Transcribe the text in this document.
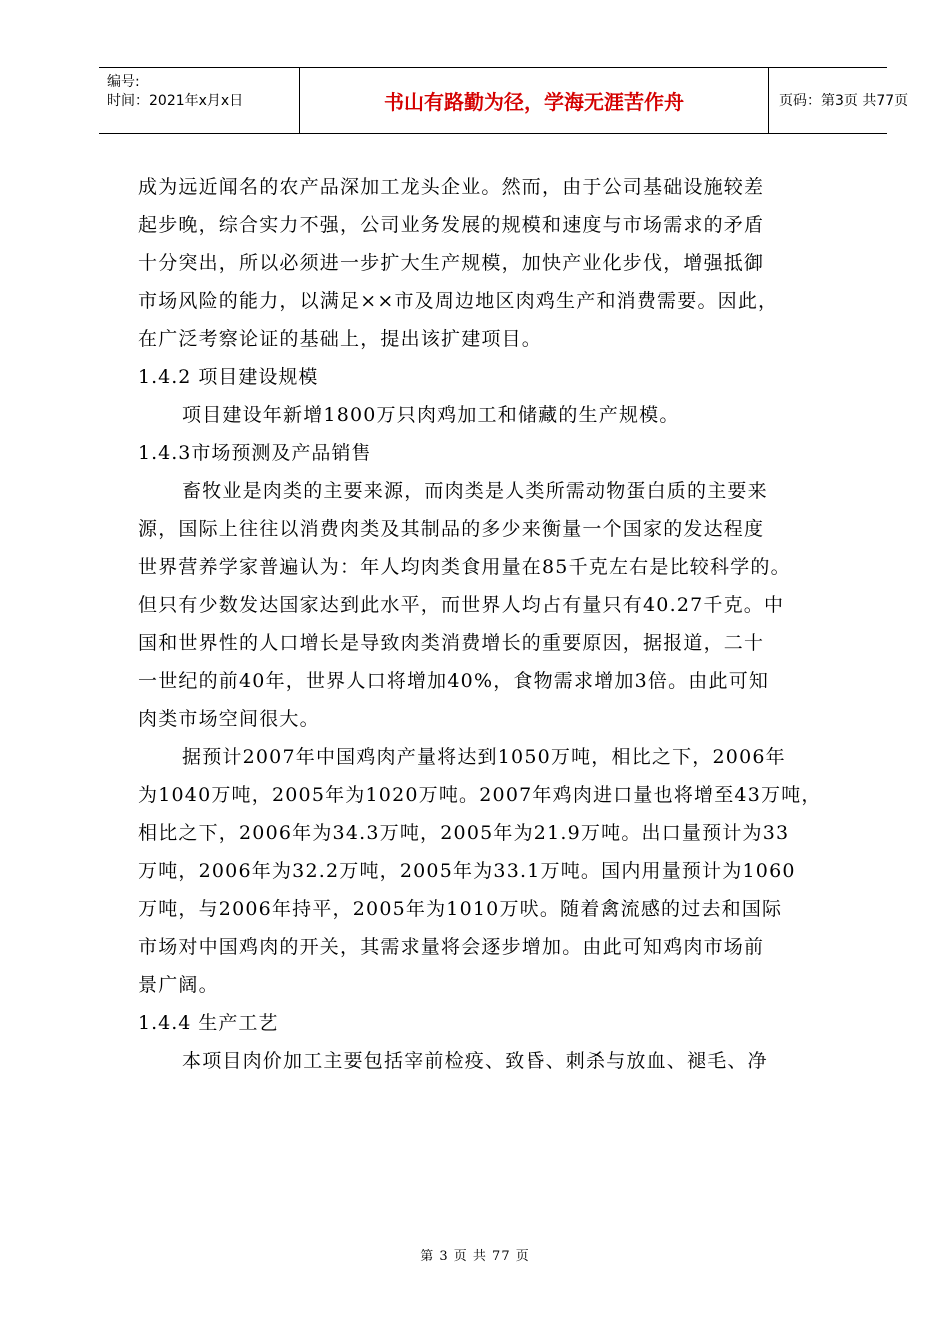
编号:
时间：2021年x月x日	书山有路勤为径，学海无涯苦作舟	页码：第3页 共77页
成为远近闻名的农产品深加工龙头企业。然而，由于公司基础设施较差
起步晚，综合实力不强，公司业务发展的规模和速度与市场需求的矛盾
十分突出，所以必须进一步扩大生产规模，加快产业化步伐，增强抵御
市场风险的能力，以满足××市及周边地区肉鸡生产和消费需要。因此，
在广泛考察论证的基础上，提出该扩建项目。
1.4.2 项目建设规模
项目建设年新增1800万只肉鸡加工和储藏的生产规模。
1.4.3市场预测及产品销售
畜牧业是肉类的主要来源，而肉类是人类所需动物蛋白质的主要来
源，国际上往往以消费肉类及其制品的多少来衡量一个国家的发达程度
世界营养学家普遍认为：年人均肉类食用量在85千克左右是比较科学的。
但只有少数发达国家达到此水平，而世界人均占有量只有40.27千克。中
国和世界性的人口增长是导致肉类消费增长的重要原因，据报道，二十
一世纪的前40年，世界人口将增加40%，食物需求增加3倍。由此可知
肉类市场空间很大。
据预计2007年中国鸡肉产量将达到1050万吨，相比之下，2006年
为1040万吨，2005年为1020万吨。2007年鸡肉进口量也将增至43万吨，
相比之下，2006年为34.3万吨，2005年为21.9万吨。出口量预计为33
万吨，2006年为32.2万吨，2005年为33.1万吨。国内用量预计为1060
万吨，与2006年持平，2005年为1010万吠。随着禽流感的过去和国际
市场对中国鸡肉的开关，其需求量将会逐步增加。由此可知鸡肉市场前
景广阔。
1.4.4 生产工艺
本项目肉价加工主要包括宰前检疫、致昏、刺杀与放血、褪毛、净
第 3 页 共 77 页
